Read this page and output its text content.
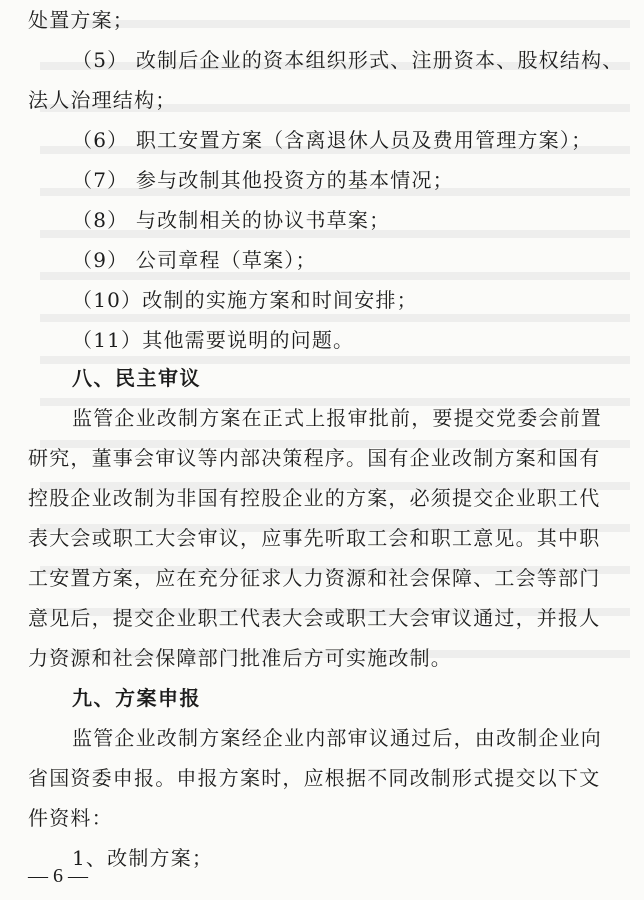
处置方案；

（5） 改制后企业的资本组织形式、注册资本、股权结构、

法人治理结构；

（6） 职工安置方案（含离退休人员及费用管理方案）；

（7） 参与改制其他投资方的基本情况；

（8） 与改制相关的协议书草案；

（9） 公司章程（草案）；

（10）改制的实施方案和时间安排；

（11）其他需要说明的问题。

八、民主审议

监管企业改制方案在正式上报审批前，要提交党委会前置

研究，董事会审议等内部决策程序。国有企业改制方案和国有

控股企业改制为非国有控股企业的方案，必须提交企业职工代

表大会或职工大会审议，应事先听取工会和职工意见。其中职

工安置方案，应在充分征求人力资源和社会保障、工会等部门

意见后，提交企业职工代表大会或职工大会审议通过，并报人

力资源和社会保障部门批准后方可实施改制。

九、方案申报

监管企业改制方案经企业内部审议通过后，由改制企业向

省国资委申报。申报方案时，应根据不同改制形式提交以下文

件资料：

1、改制方案；

— 6 —
